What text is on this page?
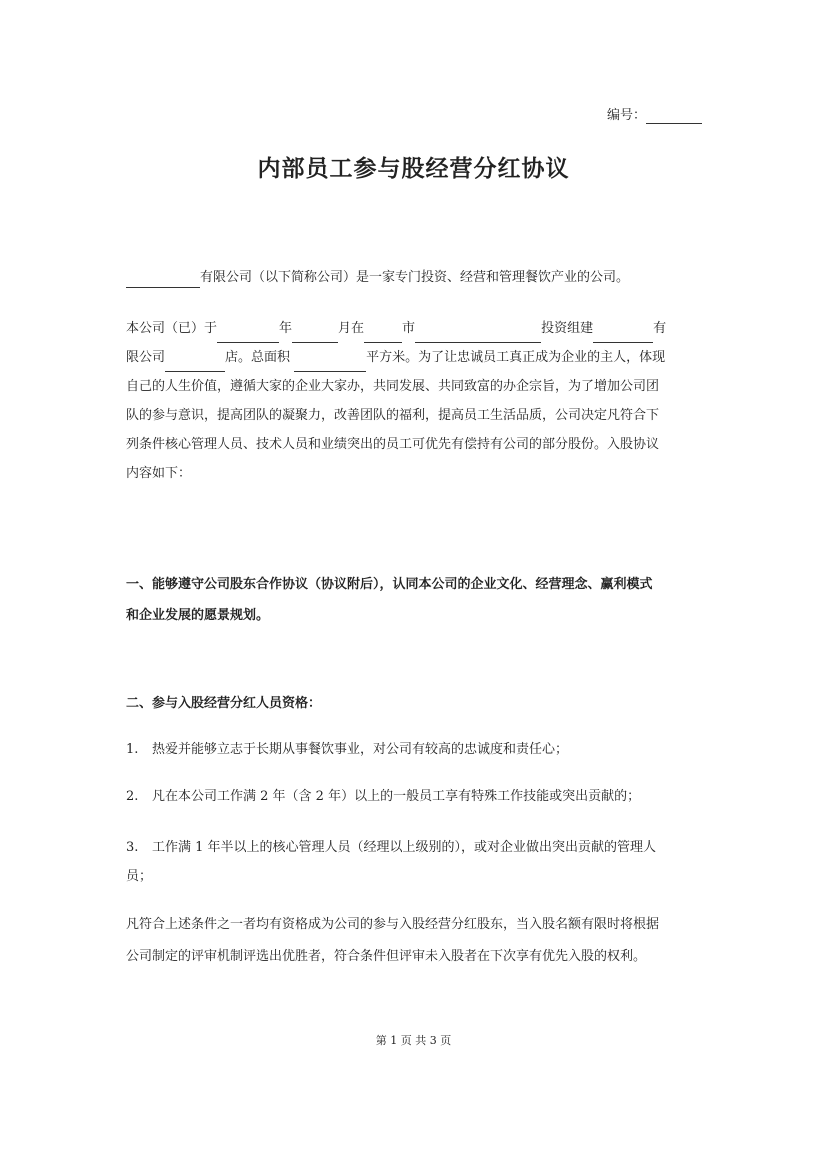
编号：
内部员工参与股经营分红协议
有限公司（以下简称公司）是一家专门投资、经营和管理餐饮产业的公司。

本公司（已）于	年	月在	市	投资组建	有

限公司	店。总面积	平方米。为了让忠诚员工真正成为企业的主人，体现

自己的人生价值，遵循大家的企业大家办，共同发展、共同致富的办企宗旨，为了增加公司团

队的参与意识，提高团队的凝聚力，改善团队的福利，提高员工生活品质，公司决定凡符合下

列条件核心管理人员、技术人员和业绩突出的员工可优先有偿持有公司的部分股份。入股协议

内容如下：

一、能够遵守公司股东合作协议（协议附后），认同本公司的企业文化、经营理念、赢利模式

和企业发展的愿景规划。

二、参与入股经营分红人员资格：
1. 热爱并能够立志于长期从事餐饮事业，对公司有较高的忠诚度和责任心；
2. 凡在本公司工作满 2 年（含 2 年）以上的一般员工享有特殊工作技能或突出贡献的；

3. 工作满 1 年半以上的核心管理人员（经理以上级别的），或对企业做出突出贡献的管理人

员；

凡符合上述条件之一者均有资格成为公司的参与入股经营分红股东，当入股名额有限时将根据

公司制定的评审机制评选出优胜者，符合条件但评审未入股者在下次享有优先入股的权利。

第 1 页 共 3 页
